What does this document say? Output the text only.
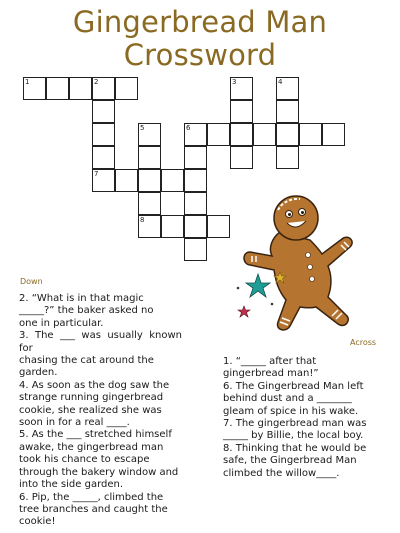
Gingerbread Man
Crossword
1	2	3	4
5	6
7
8
Down
2. “What is in that magic
_____?” the baker asked no
one in particular.
3. The ___ was usually known for
chasing the cat around the
garden.
4. As soon as the dog saw the
strange running gingerbread
cookie, she realized she was
soon in for a real ____.
5. As the ___ stretched himself
awake, the gingerbread man
took his chance to escape
through the bakery window and
into the side garden.
6. Pip, the _____, climbed the
tree branches and caught the
cookie!
Across
1. “_____ after that
gingerbread man!”
6. The Gingerbread Man left
behind dust and a _______
gleam of spice in his wake.
7. The gingerbread man was
_____ by Billie, the local boy.
8. Thinking that he would be
safe, the Gingerbread Man
climbed the willow____.
